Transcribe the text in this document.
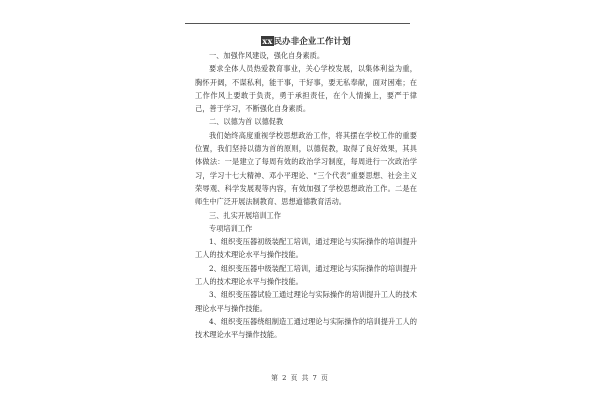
xx民办非企业工作计划

一、加强作风建设，强化自身素质。

要求全体人员热爱教育事业，关心学校发展，以集体利益为重，胸怀开阔，不谋私利，能干事，干好事，要无私奉献，面对困难；在工作作风上要敢于负责，勇于承担责任，在个人情操上，要严于律己，善于学习，不断强化自身素质。

二、以德为首 以德促教

我们始终高度重视学校思想政治工作，将其摆在学校工作的重要位置，我们坚持以德为首的原则，以德促教，取得了良好效果，其具体做法：一是建立了每周有效的政治学习制度，每周进行一次政治学习，学习十七大精神、邓小平理论、“三个代表”重要思想、社会主义荣辱观、科学发展观等内容，有效加强了学校思想政治工作。二是在师生中广泛开展法制教育、思想道德教育活动。

三、扎实开展培训工作

专项培训工作

1、组织变压器初级装配工培训，通过理论与实际操作的培训提升工人的技术理论水平与操作技能。

2、组织变压器中级装配工培训，通过理论与实际操作的培训提升工人的技术理论水平与操作技能。

3、组织变压器试验工通过理论与实际操作的培训提升工人的技术理论水平与操作技能。

4、组织变压器绕组制造工通过理论与实际操作的培训提升工人的技术理论水平与操作技能。

第 2 页 共 7 页
